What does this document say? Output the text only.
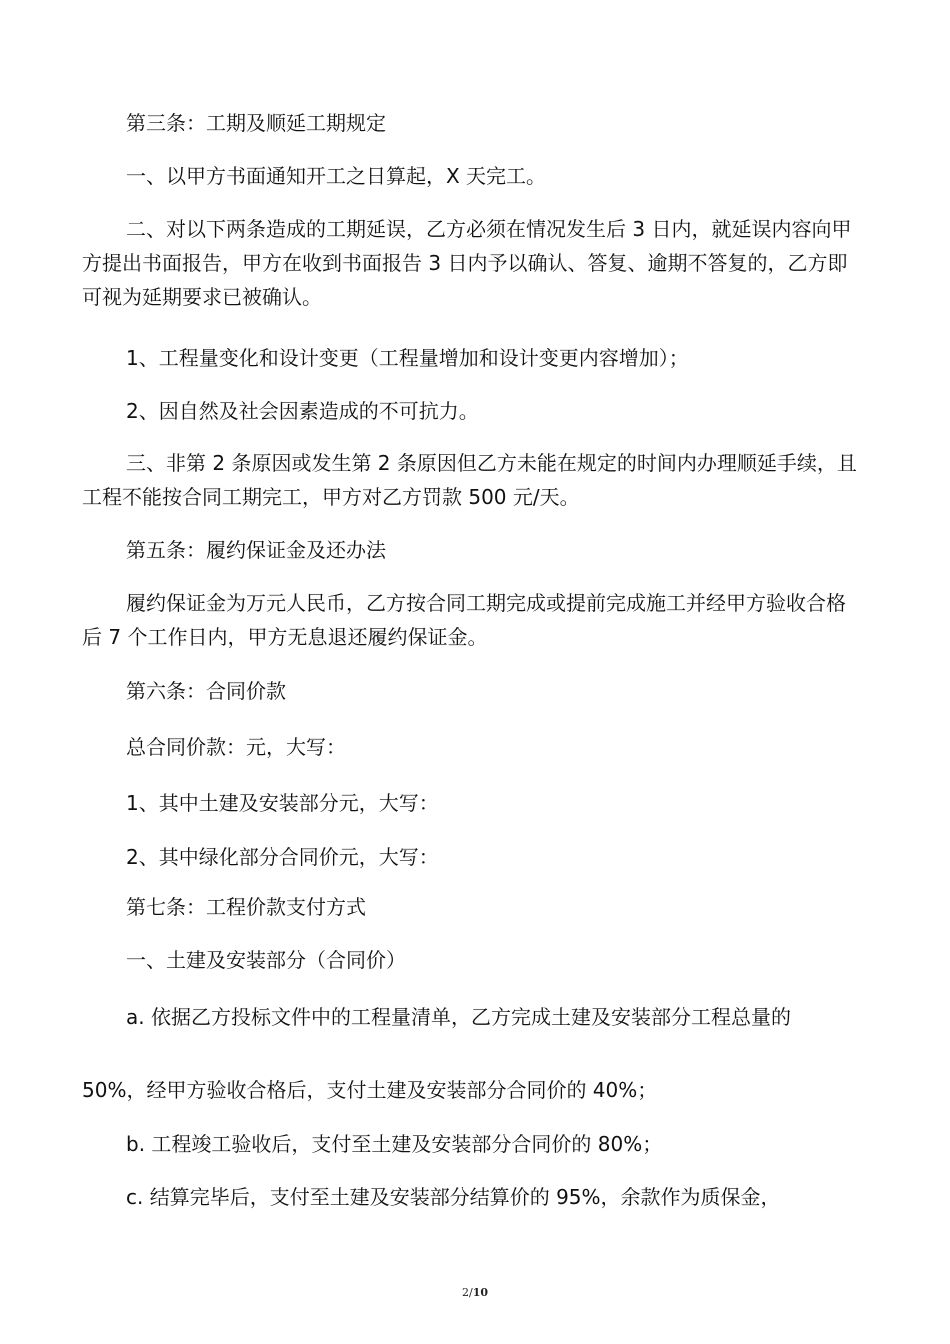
第三条：工期及顺延工期规定

一、以甲方书面通知开工之日算起，X 天完工。

二、对以下两条造成的工期延误，乙方必须在情况发生后 3 日内，就延误内容向甲方提出书面报告，甲方在收到书面报告 3 日内予以确认、答复、逾期不答复的，乙方即可视为延期要求已被确认。

1、工程量变化和设计变更（工程量增加和设计变更内容增加）；

2、因自然及社会因素造成的不可抗力。

三、非第 2 条原因或发生第 2 条原因但乙方未能在规定的时间内办理顺延手续，且工程不能按合同工期完工，甲方对乙方罚款 500 元/天。

第五条：履约保证金及还办法

履约保证金为万元人民币，乙方按合同工期完成或提前完成施工并经甲方验收合格后 7 个工作日内，甲方无息退还履约保证金。

第六条：合同价款

总合同价款：元，大写：

1、其中土建及安装部分元，大写：

2、其中绿化部分合同价元，大写：

第七条：工程价款支付方式

一、土建及安装部分（合同价）

a. 依据乙方投标文件中的工程量清单，乙方完成土建及安装部分工程总量的

50%，经甲方验收合格后，支付土建及安装部分合同价的 40%；

b. 工程竣工验收后，支付至土建及安装部分合同价的 80%；

c. 结算完毕后，支付至土建及安装部分结算价的 95%，余款作为质保金，

2/10
